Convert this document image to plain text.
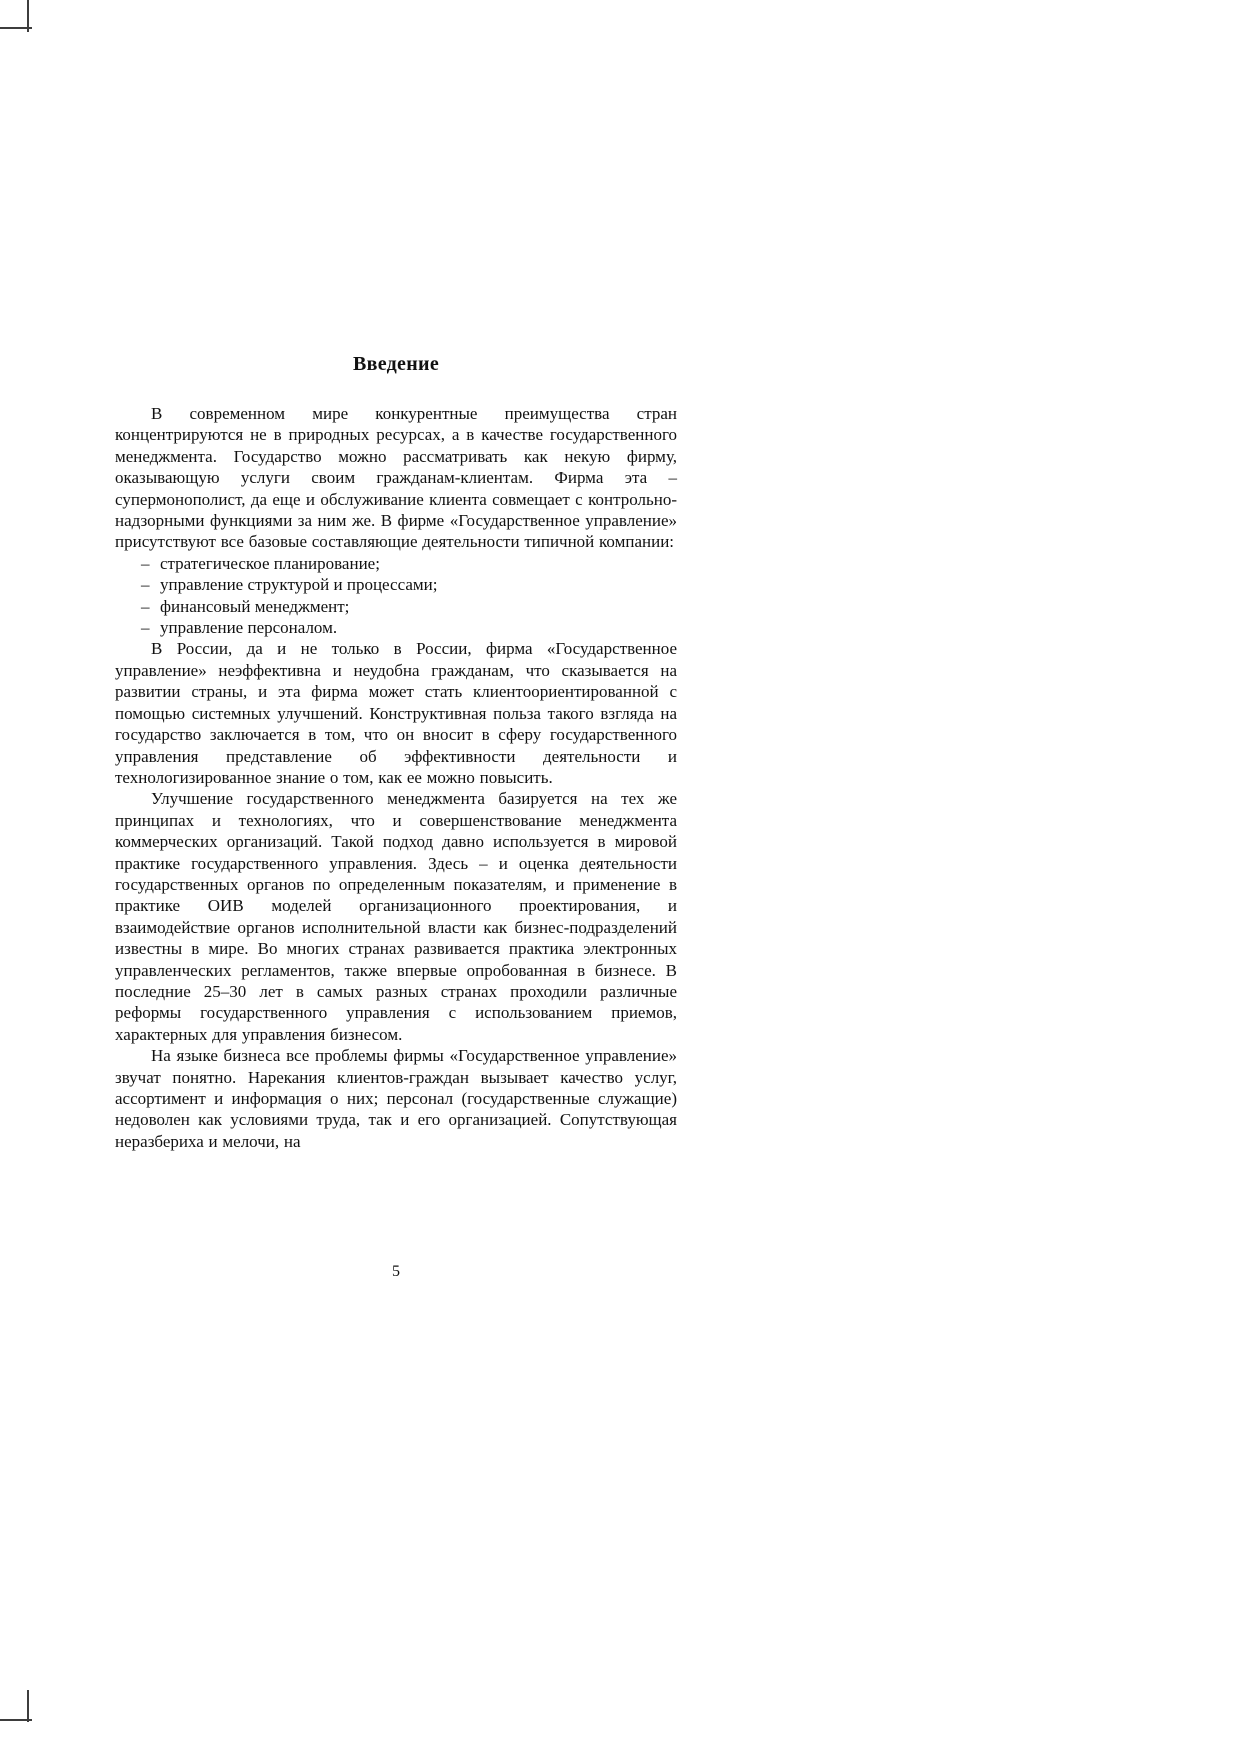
Введение

В современном мире конкурентные преимущества стран концентрируются не в природных ресурсах, а в качестве государственного менеджмента. Государство можно рассматривать как некую фирму, оказывающую услуги своим гражданам-клиентам. Фирма эта – супермонополист, да еще и обслуживание клиента совмещает с контрольно-надзорными функциями за ним же. В фирме «Государственное управление» присутствуют все базовые составляющие деятельности типичной компании:

– стратегическое планирование;
– управление структурой и процессами;
– финансовый менеджмент;
– управление персоналом.

В России, да и не только в России, фирма «Государственное управление» неэффективна и неудобна гражданам, что сказывается на развитии страны, и эта фирма может стать клиентоориентированной с помощью системных улучшений. Конструктивная польза такого взгляда на государство заключается в том, что он вносит в сферу государственного управления представление об эффективности деятельности и технологизированное знание о том, как ее можно повысить.

Улучшение государственного менеджмента базируется на тех же принципах и технологиях, что и совершенствование менеджмента коммерческих организаций. Такой подход давно используется в мировой практике государственного управления. Здесь – и оценка деятельности государственных органов по определенным показателям, и применение в практике ОИВ моделей организационного проектирования, и взаимодействие органов исполнительной власти как бизнес-подразделений известны в мире. Во многих странах развивается практика электронных управленческих регламентов, также впервые опробованная в бизнесе. В последние 25–30 лет в самых разных странах проходили различные реформы государственного управления с использованием приемов, характерных для управления бизнесом.

На языке бизнеса все проблемы фирмы «Государственное управление» звучат понятно. Нарекания клиентов-граждан вызывает качество услуг, ассортимент и информация о них; персонал (государственные служащие) недоволен как условиями труда, так и его организацией. Сопутствующая неразбериха и мелочи, на

5
